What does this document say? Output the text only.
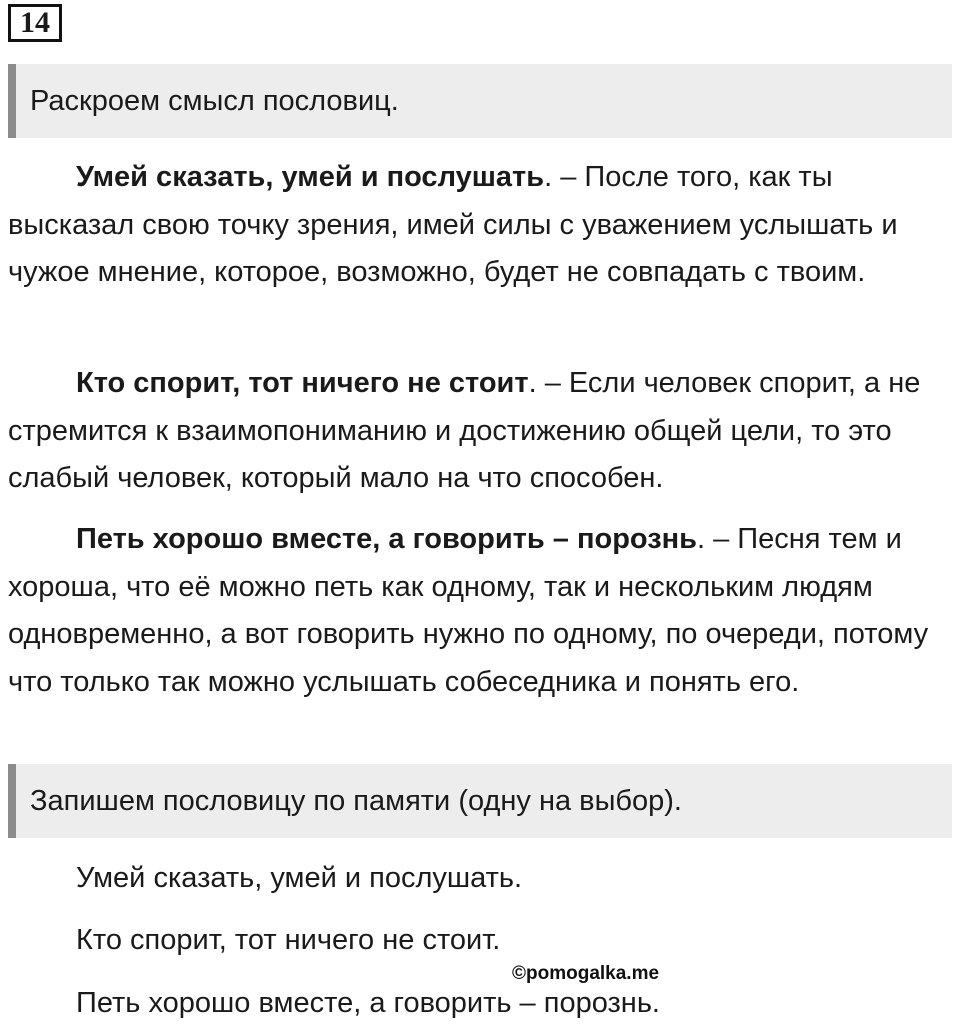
14
Раскроем смысл пословиц.

Умей сказать, умей и послушать. – После того, как ты высказал свою точку зрения, имей силы с уважением услышать и чужое мнение, которое, возможно, будет не совпадать с твоим.

Кто спорит, тот ничего не стоит. – Если человек спорит, а не стремится к взаимопониманию и достижению общей цели, то это слабый человек, который мало на что способен.

Петь хорошо вместе, а говорить – порознь. – Песня тем и хороша, что её можно петь как одному, так и нескольким людям одновременно, а вот говорить нужно по одному, по очереди, потому что только так можно услышать собеседника и понять его.

Запишем пословицу по памяти (одну на выбор).
Умей сказать, умей и послушать.
Кто спорит, тот ничего не стоит.
©pomogalka.me
Петь хорошо вместе, а говорить – порознь.
